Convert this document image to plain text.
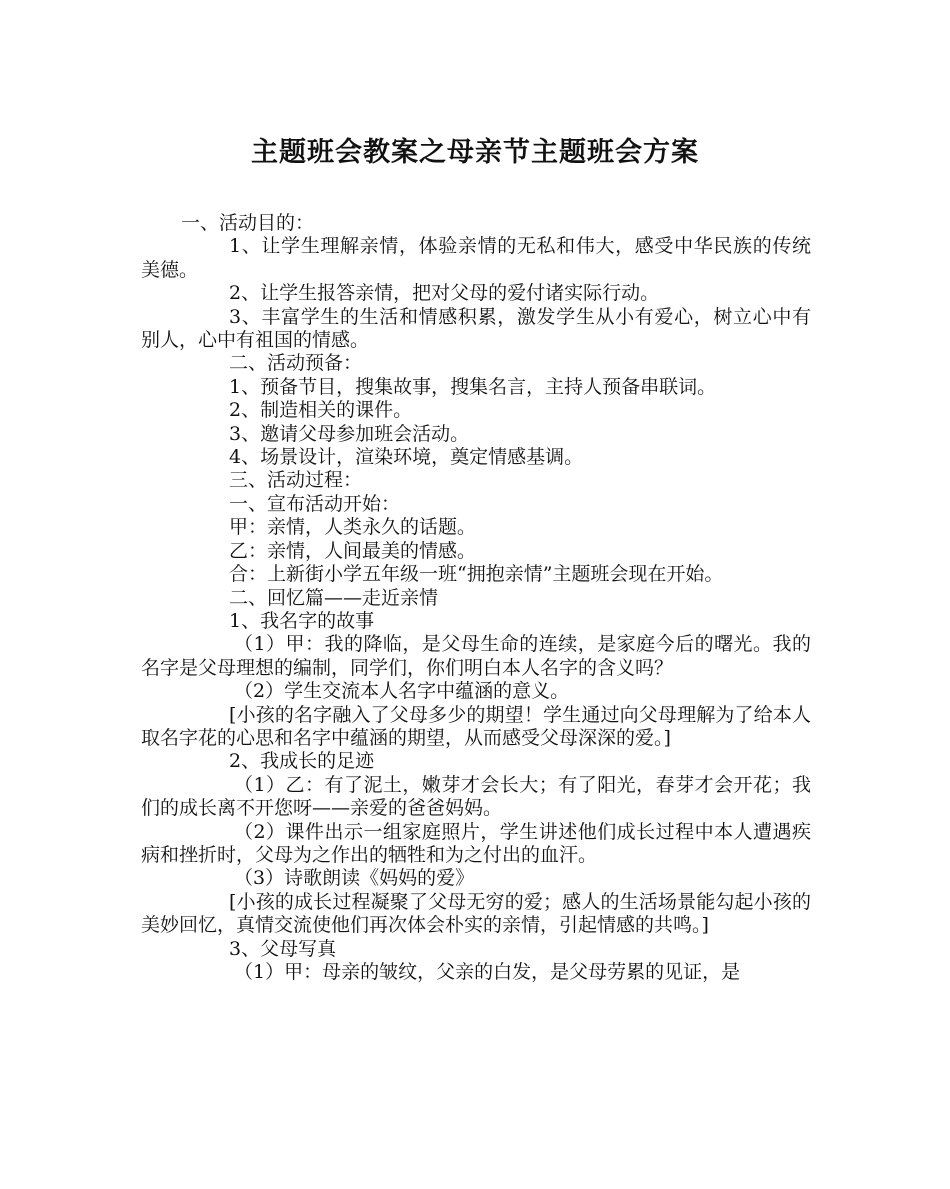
主题班会教案之母亲节主题班会方案

一、活动目的：

1、让学生理解亲情，体验亲情的无私和伟大，感受中华民族的传统美德。

2、让学生报答亲情，把对父母的爱付诸实际行动。

3、丰富学生的生活和情感积累，激发学生从小有爱心，树立心中有别人，心中有祖国的情感。

二、活动预备：

1、预备节目，搜集故事，搜集名言，主持人预备串联词。

2、制造相关的课件。

3、邀请父母参加班会活动。

4、场景设计，渲染环境，奠定情感基调。

三、活动过程：

一、宣布活动开始：

甲：亲情，人类永久的话题。

乙：亲情，人间最美的情感。

合：上新街小学五年级一班“拥抱亲情”主题班会现在开始。

二、回忆篇——走近亲情

1、我名字的故事

（1）甲：我的降临，是父母生命的连续，是家庭今后的曙光。我的名字是父母理想的编制，同学们，你们明白本人名字的含义吗？

（2）学生交流本人名字中蕴涵的意义。

[小孩的名字融入了父母多少的期望！学生通过向父母理解为了给本人取名字花的心思和名字中蕴涵的期望，从而感受父母深深的爱。]

2、我成长的足迹

（1）乙：有了泥土，嫩芽才会长大；有了阳光，春芽才会开花；我们的成长离不开您呀——亲爱的爸爸妈妈。

（2）课件出示一组家庭照片，学生讲述他们成长过程中本人遭遇疾病和挫折时，父母为之作出的牺牲和为之付出的血汗。

（3）诗歌朗读《妈妈的爱》

[小孩的成长过程凝聚了父母无穷的爱；感人的生活场景能勾起小孩的美妙回忆，真情交流使他们再次体会朴实的亲情，引起情感的共鸣。]

3、父母写真

（1）甲：母亲的皱纹，父亲的白发，是父母劳累的见证，是
